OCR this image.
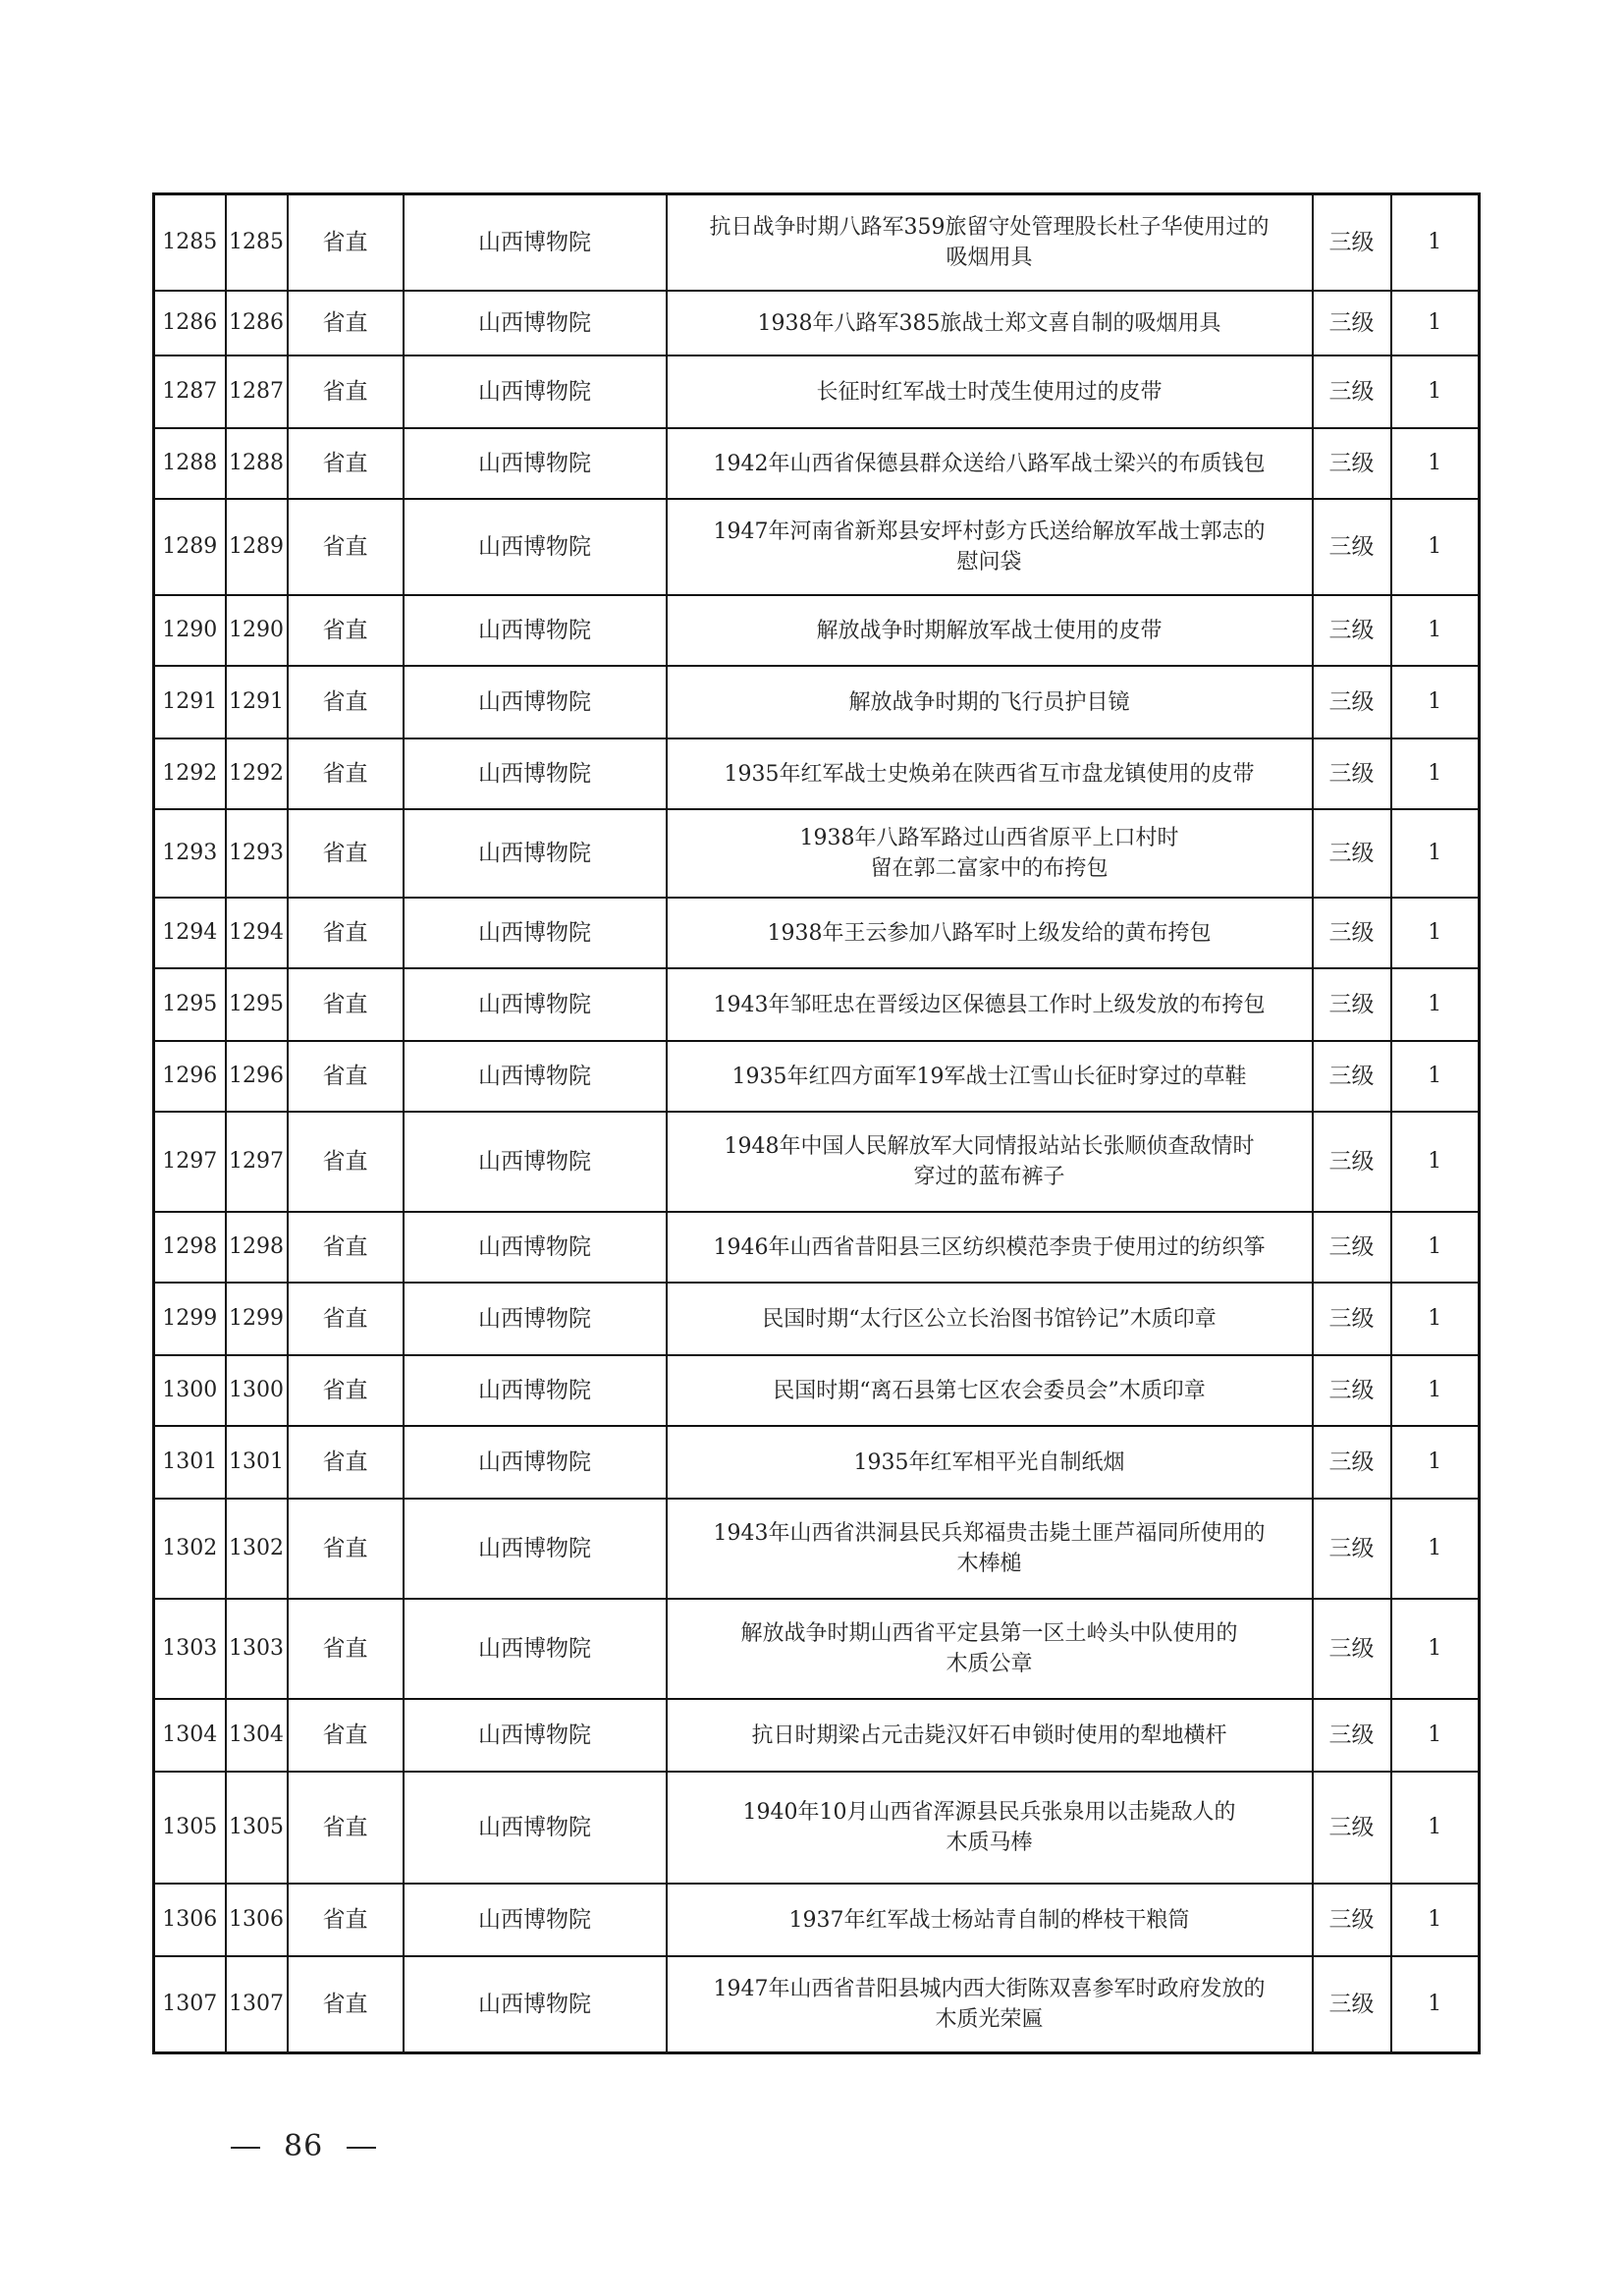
1285	1285	省直	山西博物院	抗日战争时期八路军359旅留守处管理股长杜子华使用过的
吸烟用具	三级	1
1286	1286	省直	山西博物院	1938年八路军385旅战士郑文喜自制的吸烟用具	三级	1
1287	1287	省直	山西博物院	长征时红军战士时茂生使用过的皮带	三级	1
1288	1288	省直	山西博物院	1942年山西省保德县群众送给八路军战士梁兴的布质钱包	三级	1
1289	1289	省直	山西博物院	1947年河南省新郑县安坪村彭方氏送给解放军战士郭志的
慰问袋	三级	1
1290	1290	省直	山西博物院	解放战争时期解放军战士使用的皮带	三级	1
1291	1291	省直	山西博物院	解放战争时期的飞行员护目镜	三级	1
1292	1292	省直	山西博物院	1935年红军战士史焕弟在陕西省互市盘龙镇使用的皮带	三级	1
1293	1293	省直	山西博物院	1938年八路军路过山西省原平上口村时
留在郭二富家中的布挎包	三级	1
1294	1294	省直	山西博物院	1938年王云参加八路军时上级发给的黄布挎包	三级	1
1295	1295	省直	山西博物院	1943年邹旺忠在晋绥边区保德县工作时上级发放的布挎包	三级	1
1296	1296	省直	山西博物院	1935年红四方面军19军战士江雪山长征时穿过的草鞋	三级	1
1297	1297	省直	山西博物院	1948年中国人民解放军大同情报站站长张顺侦查敌情时
穿过的蓝布裤子	三级	1
1298	1298	省直	山西博物院	1946年山西省昔阳县三区纺织模范李贵于使用过的纺织筝	三级	1
1299	1299	省直	山西博物院	民国时期“太行区公立长治图书馆钤记”木质印章	三级	1
1300	1300	省直	山西博物院	民国时期“离石县第七区农会委员会”木质印章	三级	1
1301	1301	省直	山西博物院	1935年红军相平光自制纸烟	三级	1
1302	1302	省直	山西博物院	1943年山西省洪洞县民兵郑福贵击毙土匪芦福同所使用的
木棒槌	三级	1
1303	1303	省直	山西博物院	解放战争时期山西省平定县第一区土岭头中队使用的
木质公章	三级	1
1304	1304	省直	山西博物院	抗日时期梁占元击毙汉奸石申锁时使用的犁地横杆	三级	1
1305	1305	省直	山西博物院	1940年10月山西省浑源县民兵张泉用以击毙敌人的
木质马棒	三级	1
1306	1306	省直	山西博物院	1937年红军战士杨站青自制的桦枝干粮筒	三级	1
1307	1307	省直	山西博物院	1947年山西省昔阳县城内西大街陈双喜参军时政府发放的
木质光荣匾	三级	1
86
